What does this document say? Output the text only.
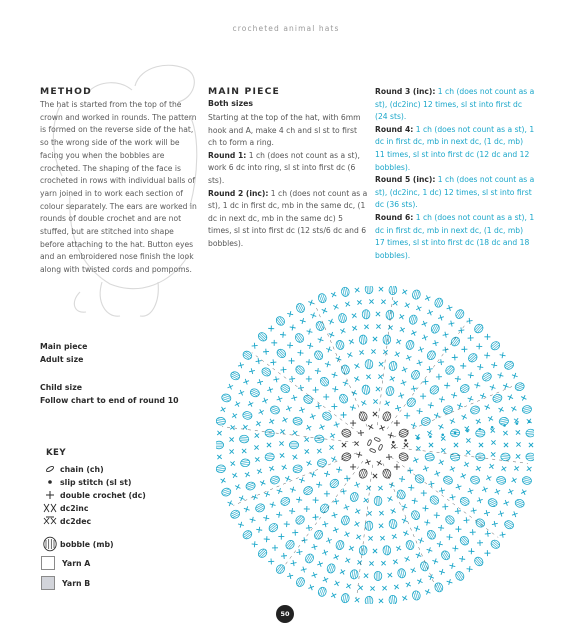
crocheted animal hats
METHOD

The hat is started from the top of the crown and worked in rounds. The pattern is formed on the reverse side of the hat, so the wrong side of the work will be facing you when the bobbles are crocheted. The shaping of the face is crocheted in rows with individual balls of yarn joined in to work each section of colour separately. The ears are worked in rounds of double crochet and are not stuffed, but are stitched into shape before attaching to the hat. Button eyes and an embroidered nose finish the look along with twisted cords and pompoms.

MAIN PIECE
Both sizes

Starting at the top of the hat, with 6mm hook and A, make 4 ch and sl st to first ch to form a ring.

Round 1: 1 ch (does not count as a st), work 6 dc into ring, sl st into first dc (6 sts).

Round 2 (inc): 1 ch (does not count as a st), 1 dc in first dc, mb in the same dc, (1 dc in next dc, mb in the same dc) 5 times, sl st into first dc (12 sts/6 dc and 6 bobbles).

Round 3 (inc): 1 ch (does not count as a st), (dc2inc) 12 times, sl st into first dc (24 sts).

Round 4: 1 ch (does not count as a st), 1 dc in first dc, mb in next dc, (1 dc, mb) 11 times, sl st into first dc (12 dc and 12 bobbles).

Round 5 (inc): 1 ch (does not count as a st), (dc2inc, 1 dc) 12 times, sl st into first dc (36 sts).

Round 6: 1 ch (does not count as a st), 1 dc in first dc, mb in next dc, (1 dc, mb) 17 times, sl st into first dc (18 dc and 18 bobbles).

Main piece
Adult size
Child size
Follow chart to end of round 10
KEY
chain (ch)
slip stitch (sl st)
double crochet (dc)
dc2inc
dc2dec
bobble (mb)
Yarn A
Yarn B
50
